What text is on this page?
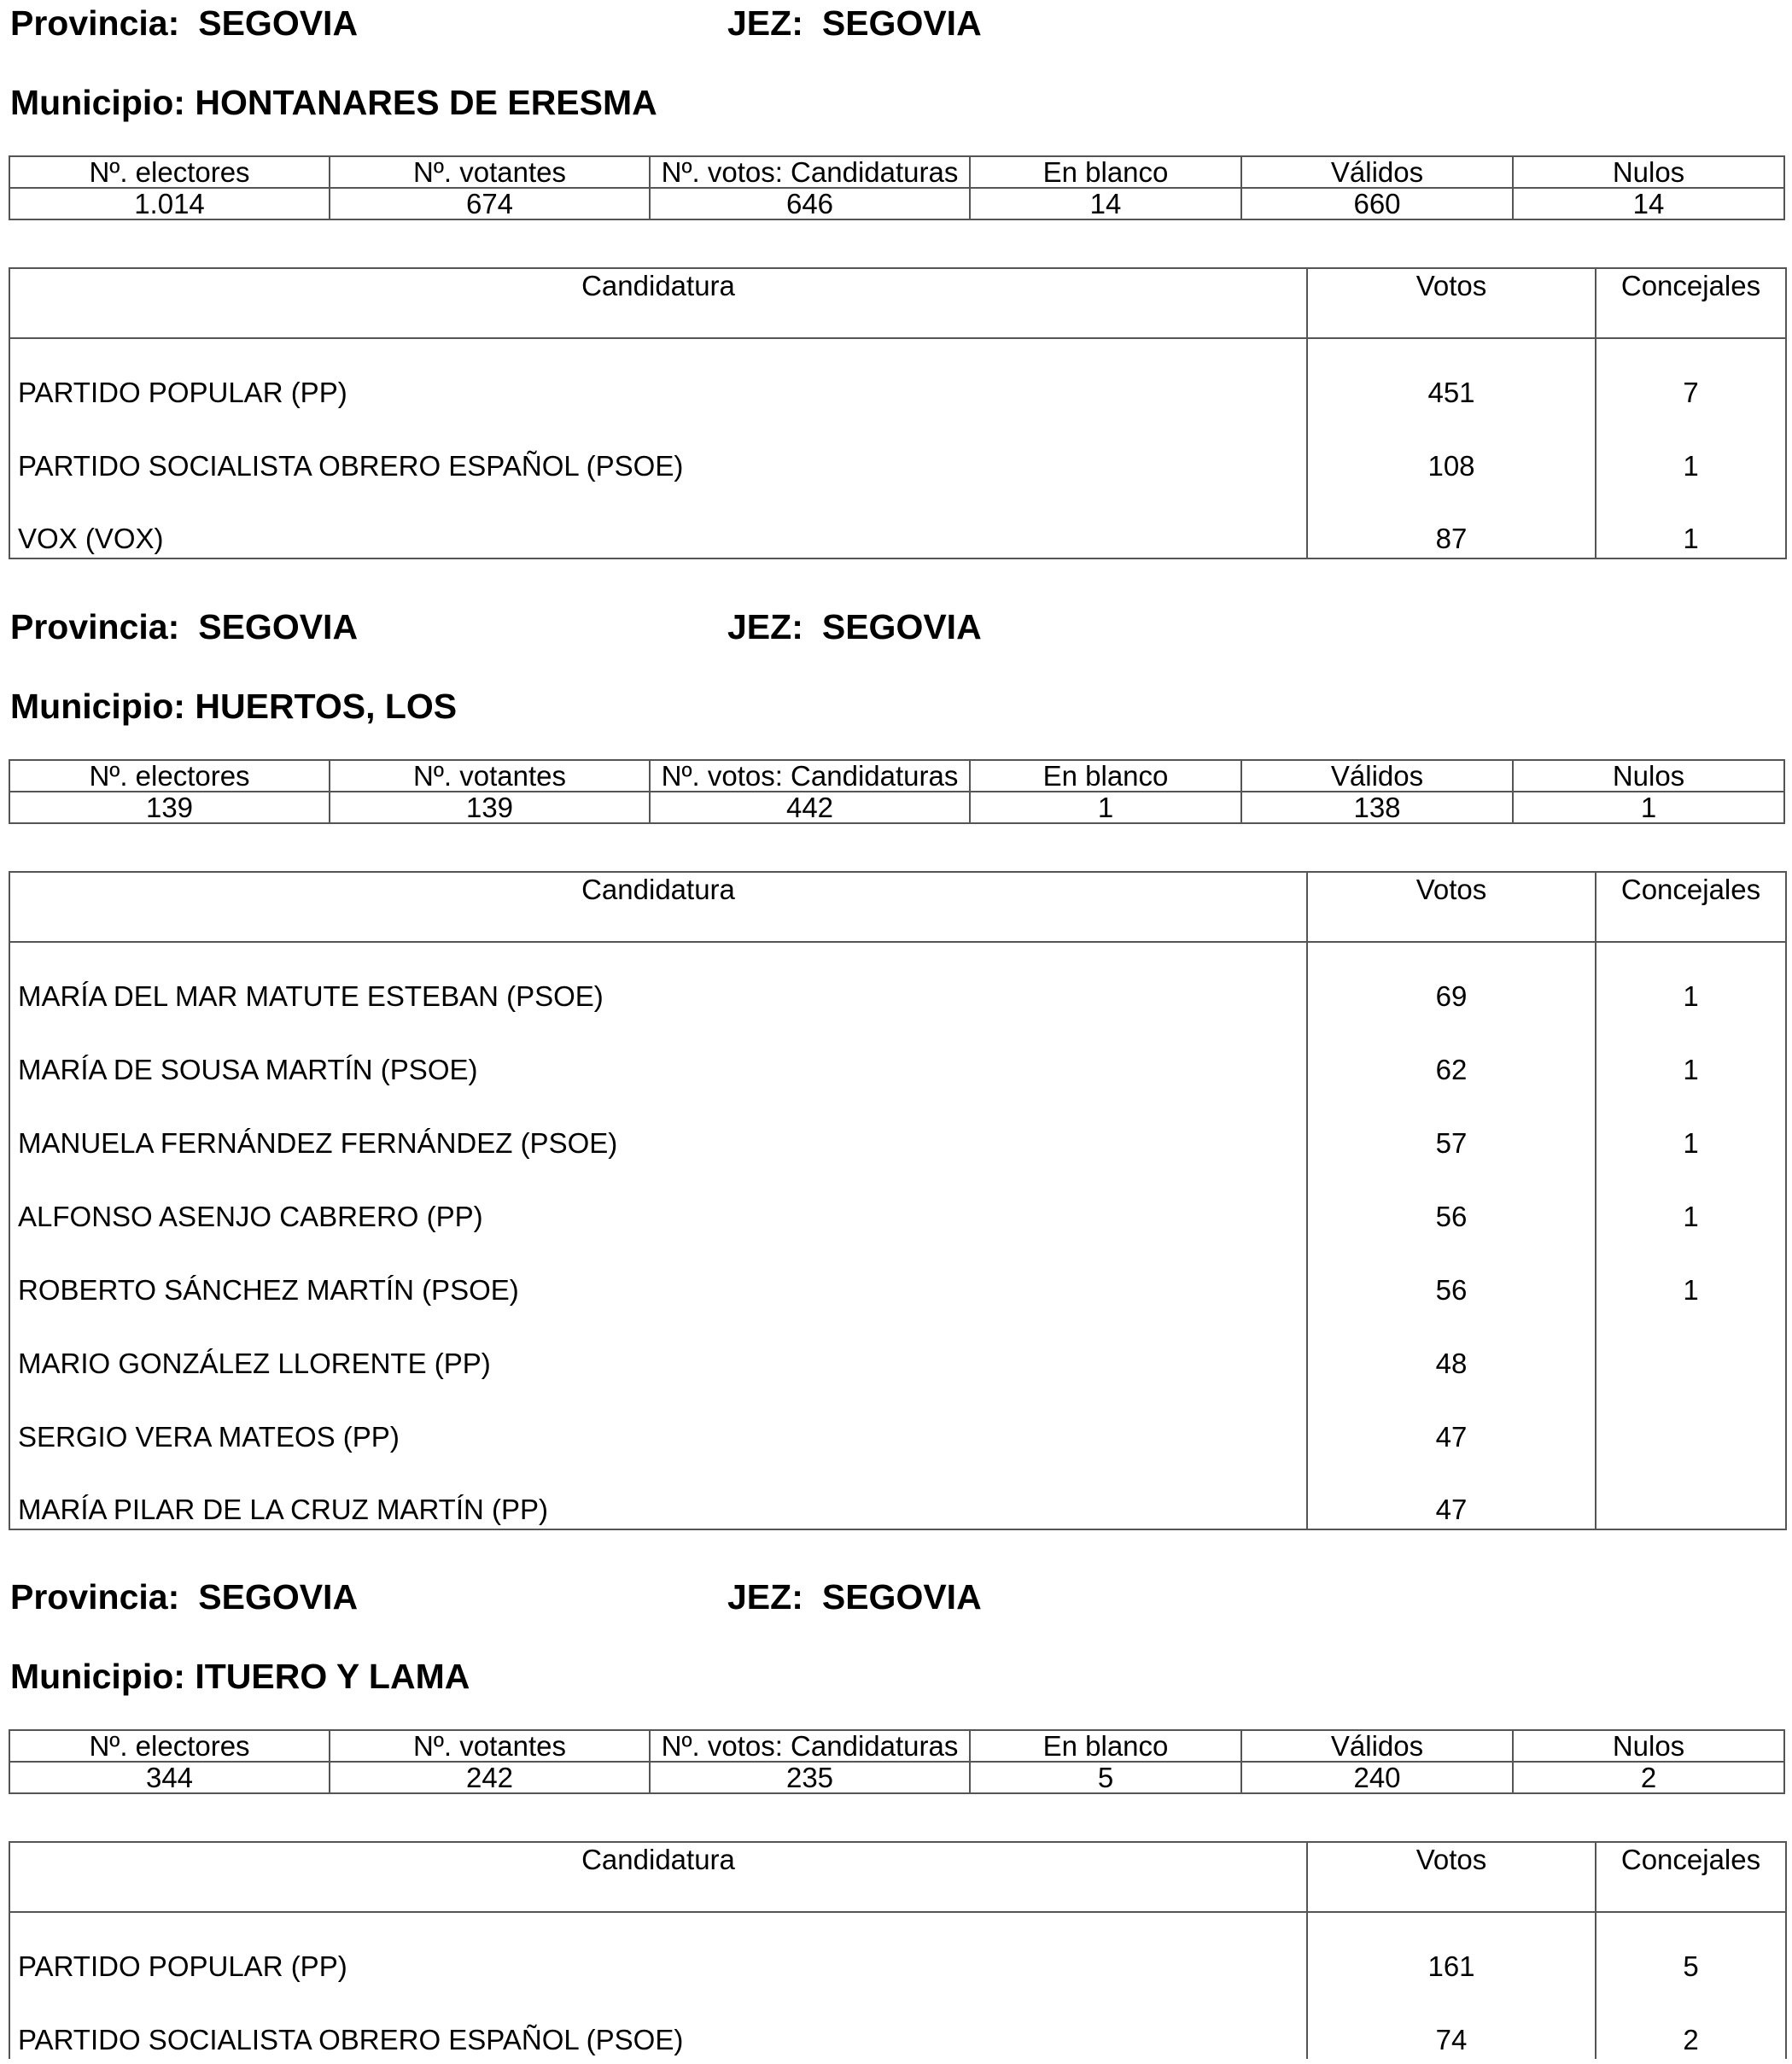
Provincia: SEGOVIA	JEZ: SEGOVIA
Municipio: HONTANARES DE ERESMA
Nº. electores	Nº. votantes	Nº. votos: Candidaturas	En blanco	Válidos	Nulos
1.014	674	646	14	660	14
Candidatura	Votos	Concejales
PARTIDO POPULAR (PP)	451	7
PARTIDO SOCIALISTA OBRERO ESPAÑOL (PSOE)	108	1
VOX (VOX)	87	1
Provincia: SEGOVIA	JEZ: SEGOVIA
Municipio: HUERTOS, LOS
Nº. electores	Nº. votantes	Nº. votos: Candidaturas	En blanco	Válidos	Nulos
139	139	442	1	138	1
Candidatura	Votos	Concejales
MARÍA DEL MAR MATUTE ESTEBAN (PSOE)	69	1
MARÍA DE SOUSA MARTÍN (PSOE)	62	1
MANUELA FERNÁNDEZ FERNÁNDEZ (PSOE)	57	1
ALFONSO ASENJO CABRERO (PP)	56	1
ROBERTO SÁNCHEZ MARTÍN (PSOE)	56	1
MARIO GONZÁLEZ LLORENTE (PP)	48	
SERGIO VERA MATEOS (PP)	47	
MARÍA PILAR DE LA CRUZ MARTÍN (PP)	47	
Provincia: SEGOVIA	JEZ: SEGOVIA
Municipio: ITUERO Y LAMA
Nº. electores	Nº. votantes	Nº. votos: Candidaturas	En blanco	Válidos	Nulos
344	242	235	5	240	2
Candidatura	Votos	Concejales
PARTIDO POPULAR (PP)	161	5
PARTIDO SOCIALISTA OBRERO ESPAÑOL (PSOE)	74	2
